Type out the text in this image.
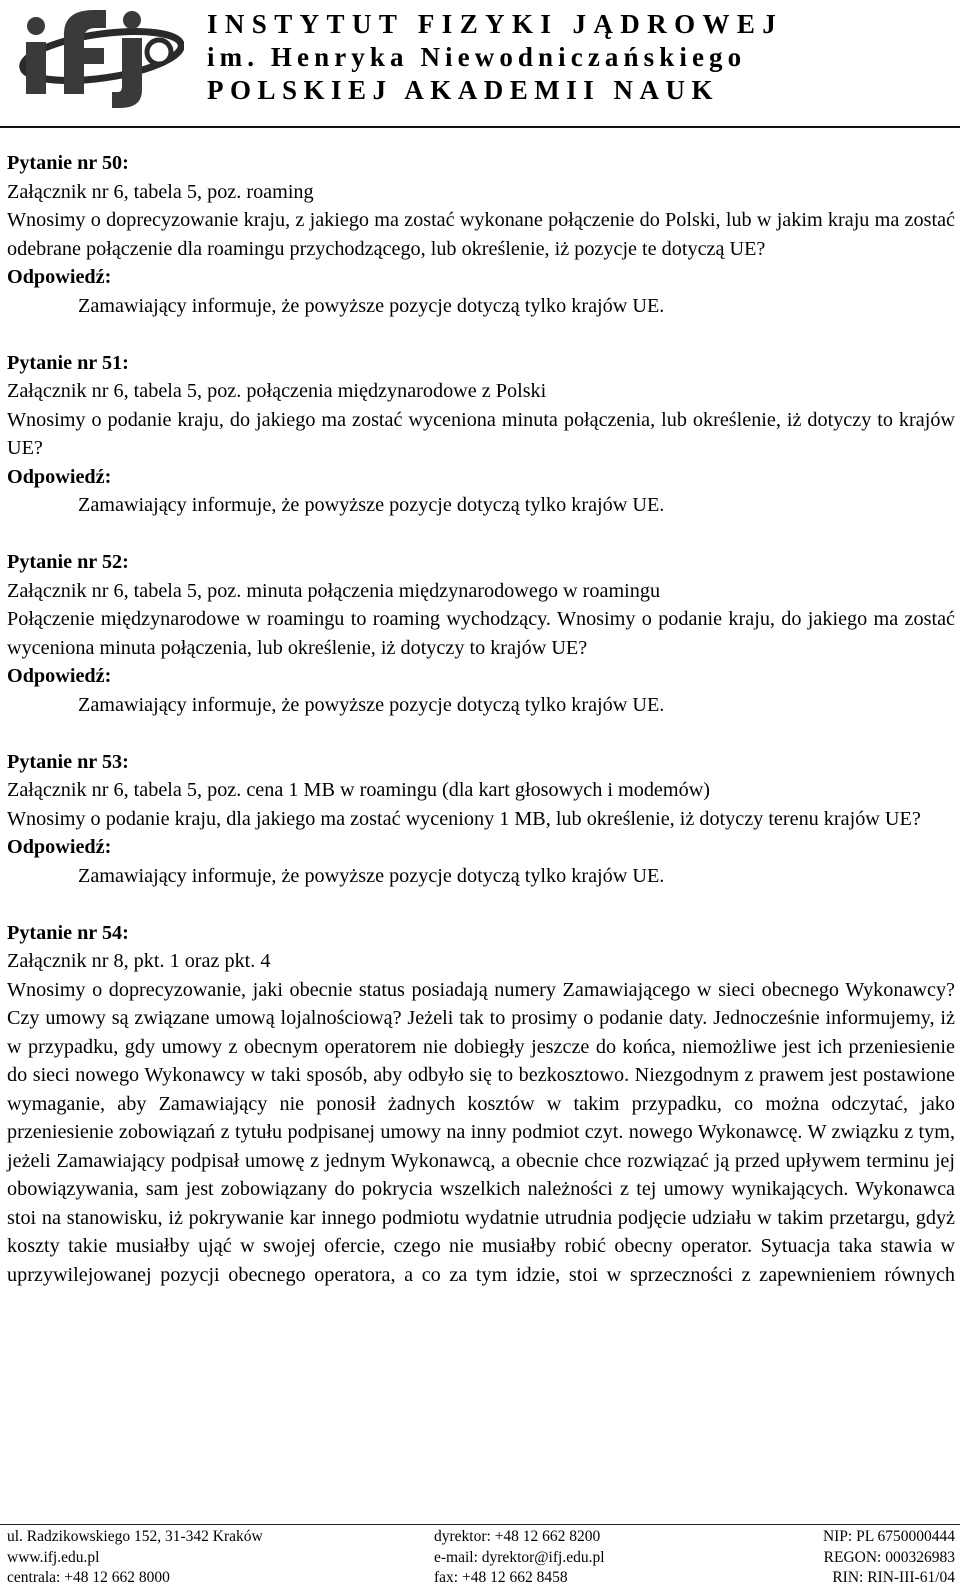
INSTYTUT FIZYKI JĄDROWEJ
im. Henryka Niewodniczańskiego
POLSKIEJ AKADEMII NAUK

Pytanie nr 50:

Załącznik nr 6, tabela 5, poz. roaming

Wnosimy o doprecyzowanie kraju, z jakiego ma zostać wykonane połączenie do Polski, lub w jakim kraju ma zostać odebrane połączenie dla roamingu przychodzącego, lub określenie, iż pozycje te dotyczą UE?

Odpowiedź:

Zamawiający informuje, że powyższe pozycje dotyczą tylko krajów UE.

Pytanie nr 51:

Załącznik nr 6, tabela 5, poz. połączenia międzynarodowe z Polski

Wnosimy o podanie kraju, do jakiego ma zostać wyceniona minuta połączenia, lub określenie, iż dotyczy to krajów UE?

Odpowiedź:

Zamawiający informuje, że powyższe pozycje dotyczą tylko krajów UE.

Pytanie nr 52:

Załącznik nr 6, tabela 5, poz. minuta połączenia międzynarodowego w roamingu

Połączenie międzynarodowe w roamingu to roaming wychodzący. Wnosimy o podanie kraju, do jakiego ma zostać wyceniona minuta połączenia, lub określenie, iż dotyczy to krajów UE?

Odpowiedź:

Zamawiający informuje, że powyższe pozycje dotyczą tylko krajów UE.

Pytanie nr 53:

Załącznik nr 6, tabela 5, poz. cena 1 MB w roamingu (dla kart głosowych i modemów)

Wnosimy o podanie kraju, dla jakiego ma zostać wyceniony 1 MB, lub określenie, iż dotyczy terenu krajów UE?

Odpowiedź:

Zamawiający informuje, że powyższe pozycje dotyczą tylko krajów UE.

Pytanie nr 54:

Załącznik nr 8, pkt. 1 oraz pkt. 4

Wnosimy o doprecyzowanie, jaki obecnie status posiadają numery Zamawiającego w sieci obecnego Wykonawcy? Czy umowy są związane umową lojalnościową? Jeżeli tak to prosimy o podanie daty. Jednocześnie informujemy, iż w przypadku, gdy umowy z obecnym operatorem nie dobiegły jeszcze do końca, niemożliwe jest ich przeniesienie do sieci nowego Wykonawcy w taki sposób, aby odbyło się to bezkosztowo. Niezgodnym z prawem jest postawione wymaganie, aby Zamawiający nie ponosił żadnych kosztów w takim przypadku, co można odczytać, jako przeniesienie zobowiązań z tytułu podpisanej umowy na inny podmiot czyt. nowego Wykonawcę. W związku z tym, jeżeli Zamawiający podpisał umowę z jednym Wykonawcą, a obecnie chce rozwiązać ją przed upływem terminu jej obowiązywania, sam jest zobowiązany do pokrycia wszelkich należności z tej umowy wynikających. Wykonawca stoi na stanowisku, iż pokrywanie kar innego podmiotu wydatnie utrudnia podjęcie udziału w takim przetargu, gdyż koszty takie musiałby ująć w swojej ofercie, czego nie musiałby robić obecny operator. Sytuacja taka stawia w uprzywilejowanej pozycji obecnego operatora, a co za tym idzie, stoi w sprzeczności z zapewnieniem równych

ul. Radzikowskiego 152, 31-342 Kraków
www.ifj.edu.pl
centrala: +48 12 662 8000
dyrektor: +48 12 662 8200
e-mail: dyrektor@ifj.edu.pl
fax: +48 12 662 8458
NIP: PL 6750000444
REGON: 000326983
RIN: RIN-III-61/04
